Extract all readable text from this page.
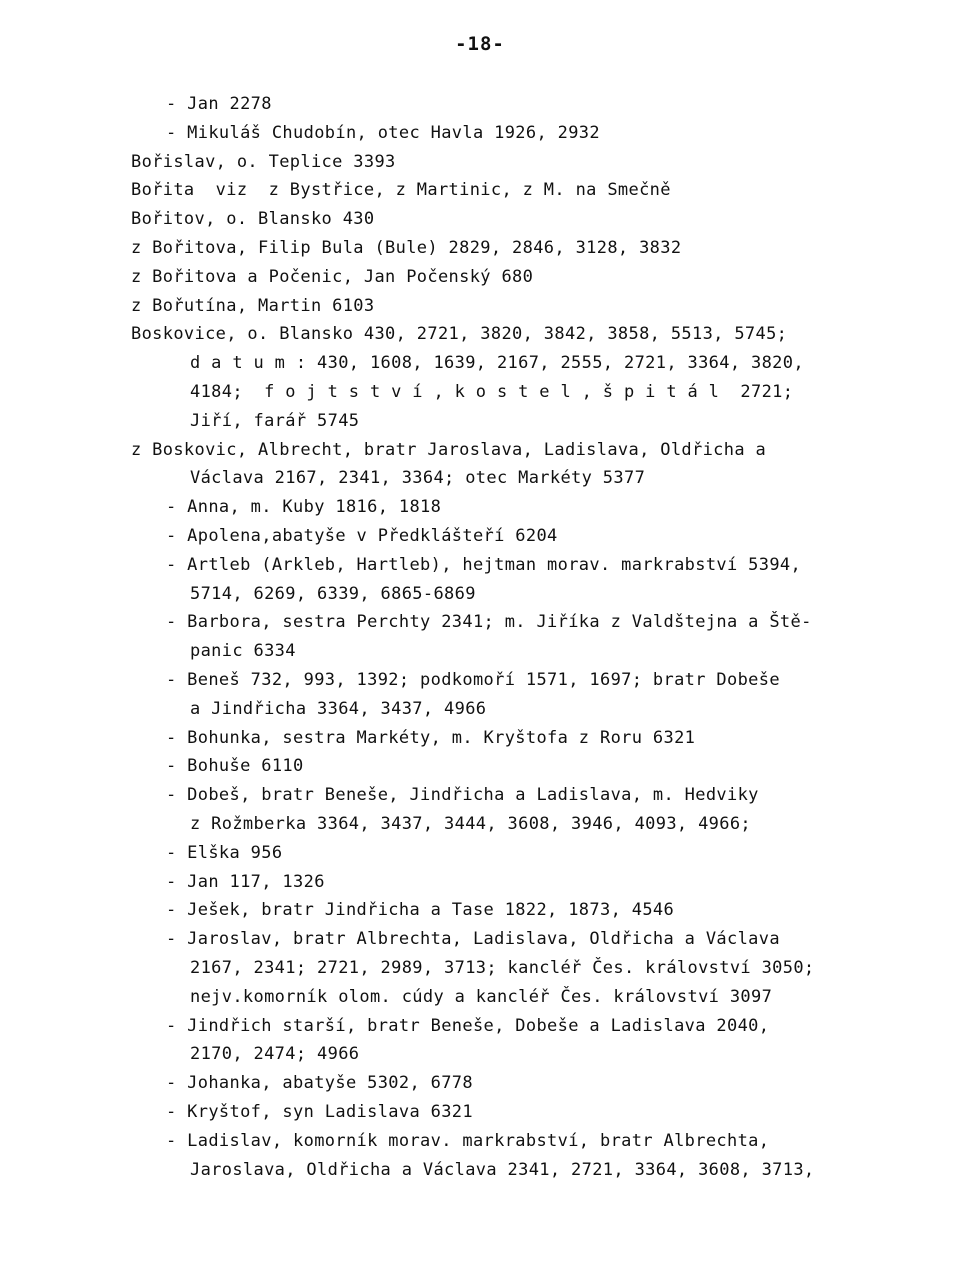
-18-
- Jan 2278
- Mikuláš Chudobín, otec Havla 1926, 2932
Bořislav, o. Teplice 3393
Bořita  viz  z Bystřice, z Martinic, z M. na Smečně
Bořitov, o. Blansko 430
z Bořitova, Filip Bula (Bule) 2829, 2846, 3128, 3832
z Bořitova a Počenic, Jan Počenský 680
z Bořutína, Martin 6103
Boskovice, o. Blansko 430, 2721, 3820, 3842, 3858, 5513, 5745;
d a t u m : 430, 1608, 1639, 2167, 2555, 2721, 3364, 3820,
4184;  f o j t s t v í , k o s t e l , š p i t á l  2721;
Jiří, farář 5745
z Boskovic, Albrecht, bratr Jaroslava, Ladislava, Oldřicha a
Václava 2167, 2341, 3364; otec Markéty 5377
- Anna, m. Kuby 1816, 1818
- Apolena,abatyše v Předklášteří 6204
- Artleb (Arkleb, Hartleb), hejtman morav. markrabství 5394,
5714, 6269, 6339, 6865-6869
- Barbora, sestra Perchty 2341; m. Jiříka z Valdštejna a Ště-
panic 6334
- Beneš 732, 993, 1392; podkomoří 1571, 1697; bratr Dobeše
a Jindřicha 3364, 3437, 4966
- Bohunka, sestra Markéty, m. Kryštofa z Roru 6321
- Bohuše 6110
- Dobeš, bratr Beneše, Jindřicha a Ladislava, m. Hedviky
z Rožmberka 3364, 3437, 3444, 3608, 3946, 4093, 4966;
- Elška 956
- Jan 117, 1326
- Ješek, bratr Jindřicha a Tase 1822, 1873, 4546
- Jaroslav, bratr Albrechta, Ladislava, Oldřicha a Václava
2167, 2341; 2721, 2989, 3713; kancléř Čes. království 3050;
nejv.komorník olom. cúdy a kancléř Čes. království 3097
- Jindřich starší, bratr Beneše, Dobeše a Ladislava 2040,
2170, 2474; 4966
- Johanka, abatyše 5302, 6778
- Kryštof, syn Ladislava 6321
- Ladislav, komorník morav. markrabství, bratr Albrechta,
Jaroslava, Oldřicha a Václava 2341, 2721, 3364, 3608, 3713,
